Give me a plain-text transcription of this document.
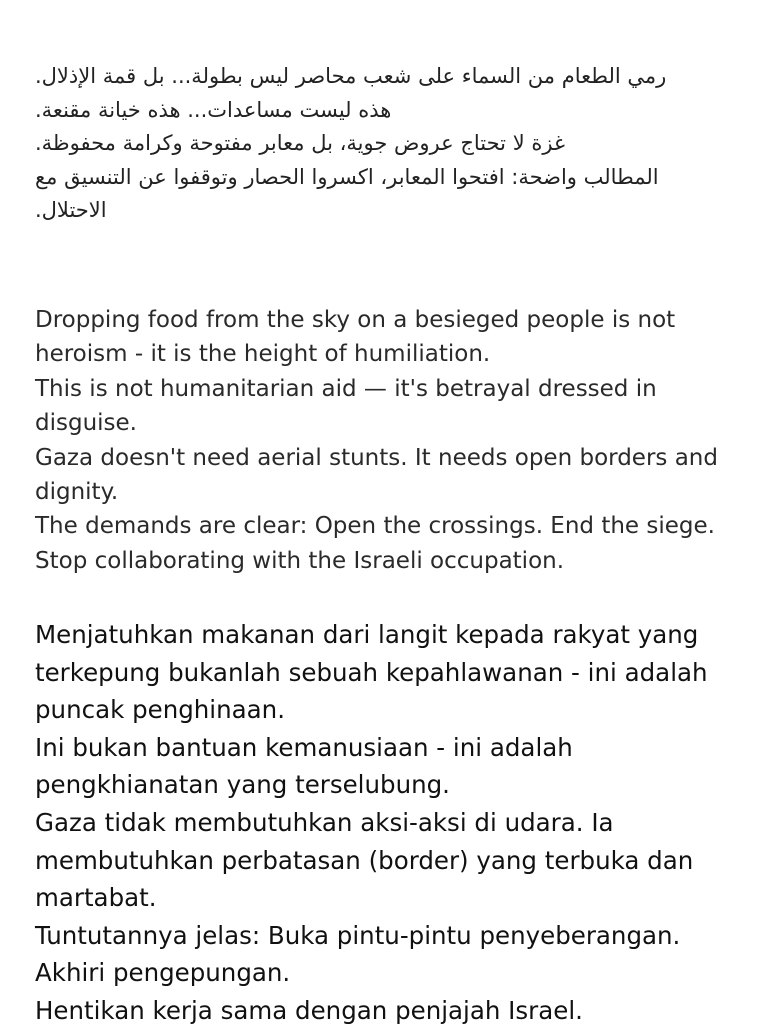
رمي الطعام من السماء على شعب محاصر ليس بطولة... بل قمة الإذلال.
هذه ليست مساعدات... هذه خيانة مقنعة.
غزة لا تحتاج عروض جوية، بل معابر مفتوحة وكرامة محفوظة.
المطالب واضحة: افتحوا المعابر، اكسروا الحصار وتوقفوا عن التنسيق مع الاحتلال.
Dropping food from the sky on a besieged people is not heroism - it is the height of humiliation.
This is not humanitarian aid — it's betrayal dressed in disguise.
Gaza doesn't need aerial stunts. It needs open borders and dignity.
The demands are clear: Open the crossings. End the siege. Stop collaborating with the Israeli occupation.
Menjatuhkan makanan dari langit kepada rakyat yang terkepung bukanlah sebuah kepahlawanan - ini adalah puncak penghinaan.
Ini bukan bantuan kemanusiaan - ini adalah pengkhianatan yang terselubung.
Gaza tidak membutuhkan aksi-aksi di udara. Ia membutuhkan perbatasan (border) yang terbuka dan martabat.
Tuntutannya jelas: Buka pintu-pintu penyeberangan. Akhiri pengepungan.
Hentikan kerja sama dengan penjajah Israel.
